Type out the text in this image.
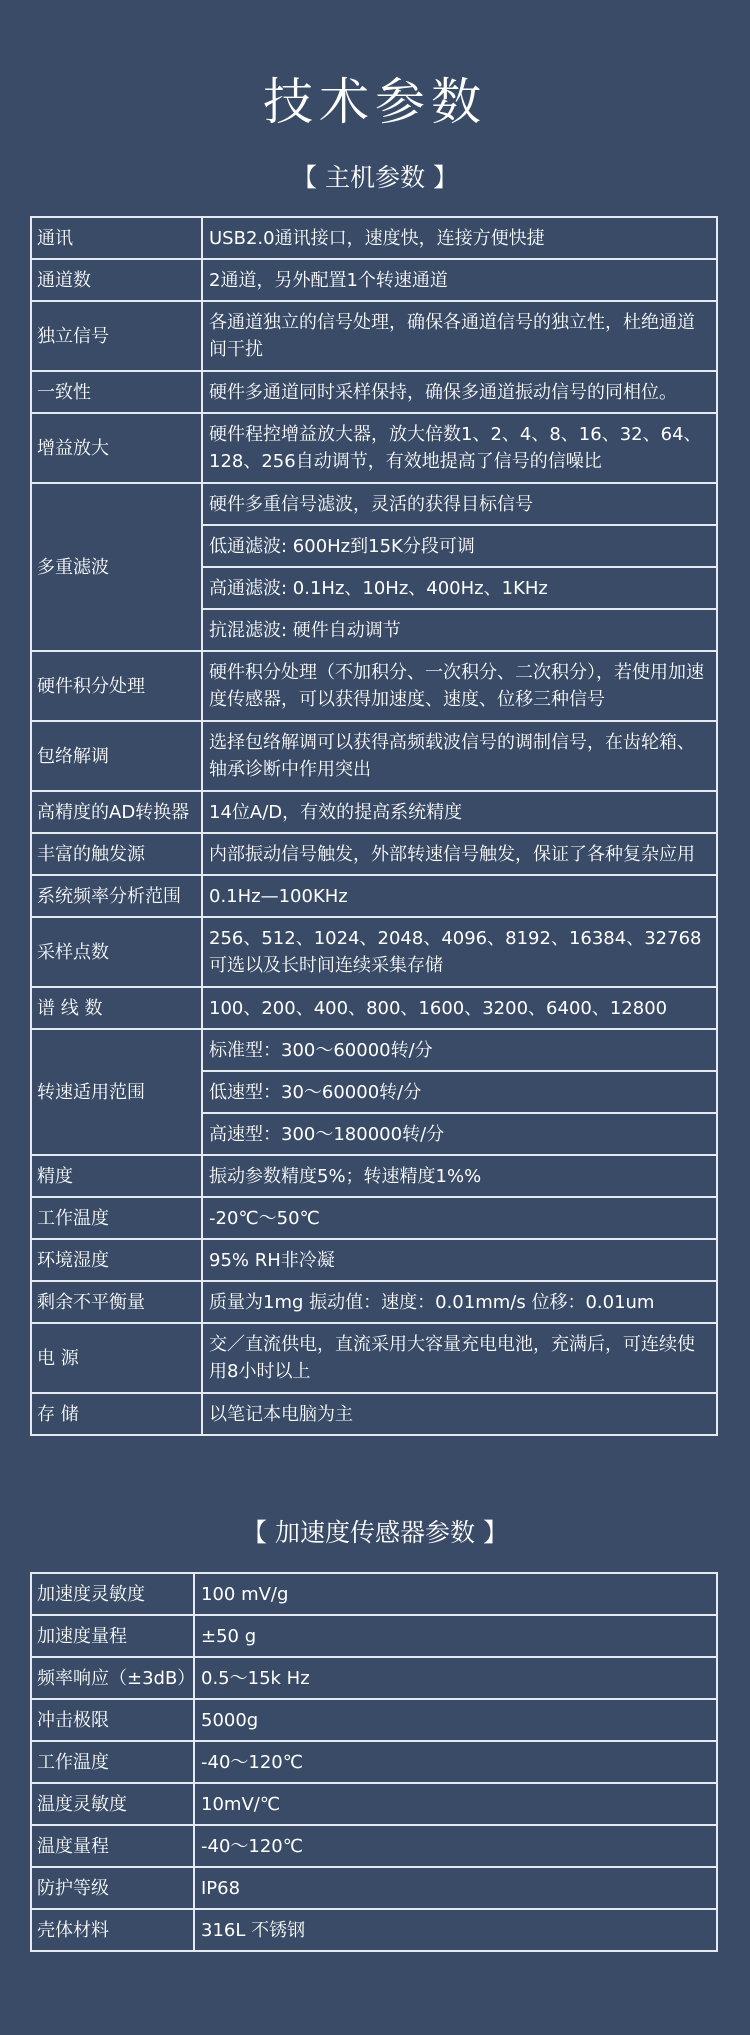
技术参数
【 主机参数 】
通讯	USB2.0通讯接口，速度快，连接方便快捷
通道数	2通道，另外配置1个转速通道
独立信号	各通道独立的信号处理，确保各通道信号的独立性，杜绝通道间干扰
一致性	硬件多通道同时采样保持，确保多通道振动信号的同相位。
增益放大	硬件程控增益放大器，放大倍数1、2、4、8、16、32、64、128、256自动调节，有效地提高了信号的信噪比
多重滤波	硬件多重信号滤波，灵活的获得目标信号
	低通滤波: 600Hz到15K分段可调
	高通滤波: 0.1Hz、10Hz、400Hz、1KHz
	抗混滤波: 硬件自动调节
硬件积分处理	硬件积分处理（不加积分、一次积分、二次积分），若使用加速度传感器，可以获得加速度、速度、位移三种信号
包络解调	选择包络解调可以获得高频载波信号的调制信号，在齿轮箱、轴承诊断中作用突出
高精度的AD转换器	14位A/D，有效的提高系统精度
丰富的触发源	内部振动信号触发，外部转速信号触发，保证了各种复杂应用
系统频率分析范围	0.1Hz—100KHz
采样点数	256、512、1024、2048、4096、8192、16384、32768可选以及长时间连续采集存储
谱 线 数	100、200、400、800、1600、3200、6400、12800
转速适用范围	标准型：300～60000转/分
	低速型：30～60000转/分
	高速型：300～180000转/分
精度	振动参数精度5%；转速精度1%%
工作温度	-20℃～50℃
环境湿度	95% RH非冷凝
剩余不平衡量	质量为1mg 振动值：速度：0.01mm/s 位移：0.01um
电 源	交／直流供电，直流采用大容量充电电池，充满后，可连续使用8小时以上
存 储	以笔记本电脑为主
【 加速度传感器参数 】
加速度灵敏度	100 mV/g
加速度量程	±50 g
频率响应（±3dB）	0.5～15k Hz
冲击极限	5000g
工作温度	-40～120℃
温度灵敏度	10mV/℃
温度量程	-40～120℃
防护等级	IP68
壳体材料	316L 不锈钢
